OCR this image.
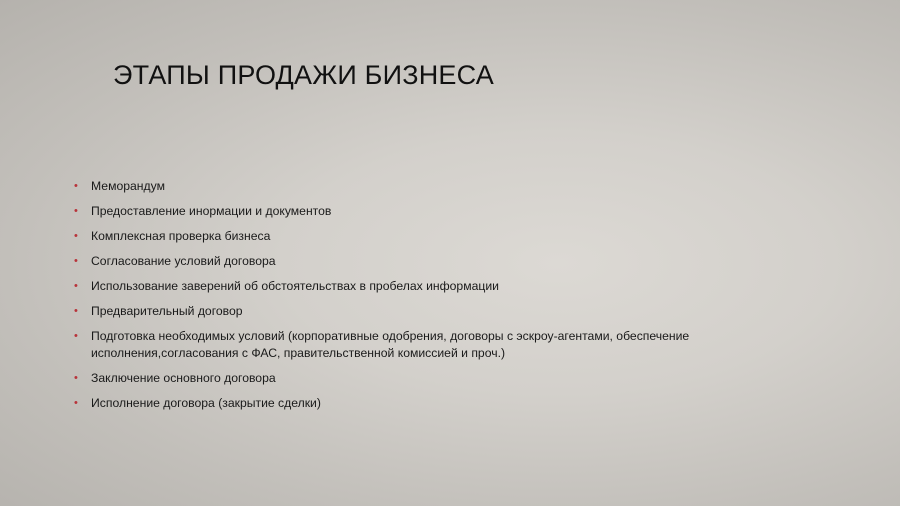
ЭТАПЫ ПРОДАЖИ БИЗНЕСА
•	Меморандум
•	Предоставление инормации и документов
•	Комплексная проверка бизнеса
•	Согласование условий договора
•	Использование заверений об обстоятельствах в пробелах информации
•	Предварительный договор
•	Подготовка необходимых условий (корпоративные одобрения, договоры с эскроу-агентами, обеспечение исполнения,согласования с ФАС, правительственной комиссией и проч.)
•	Заключение основного договора
•	Исполнение договора (закрытие сделки)
